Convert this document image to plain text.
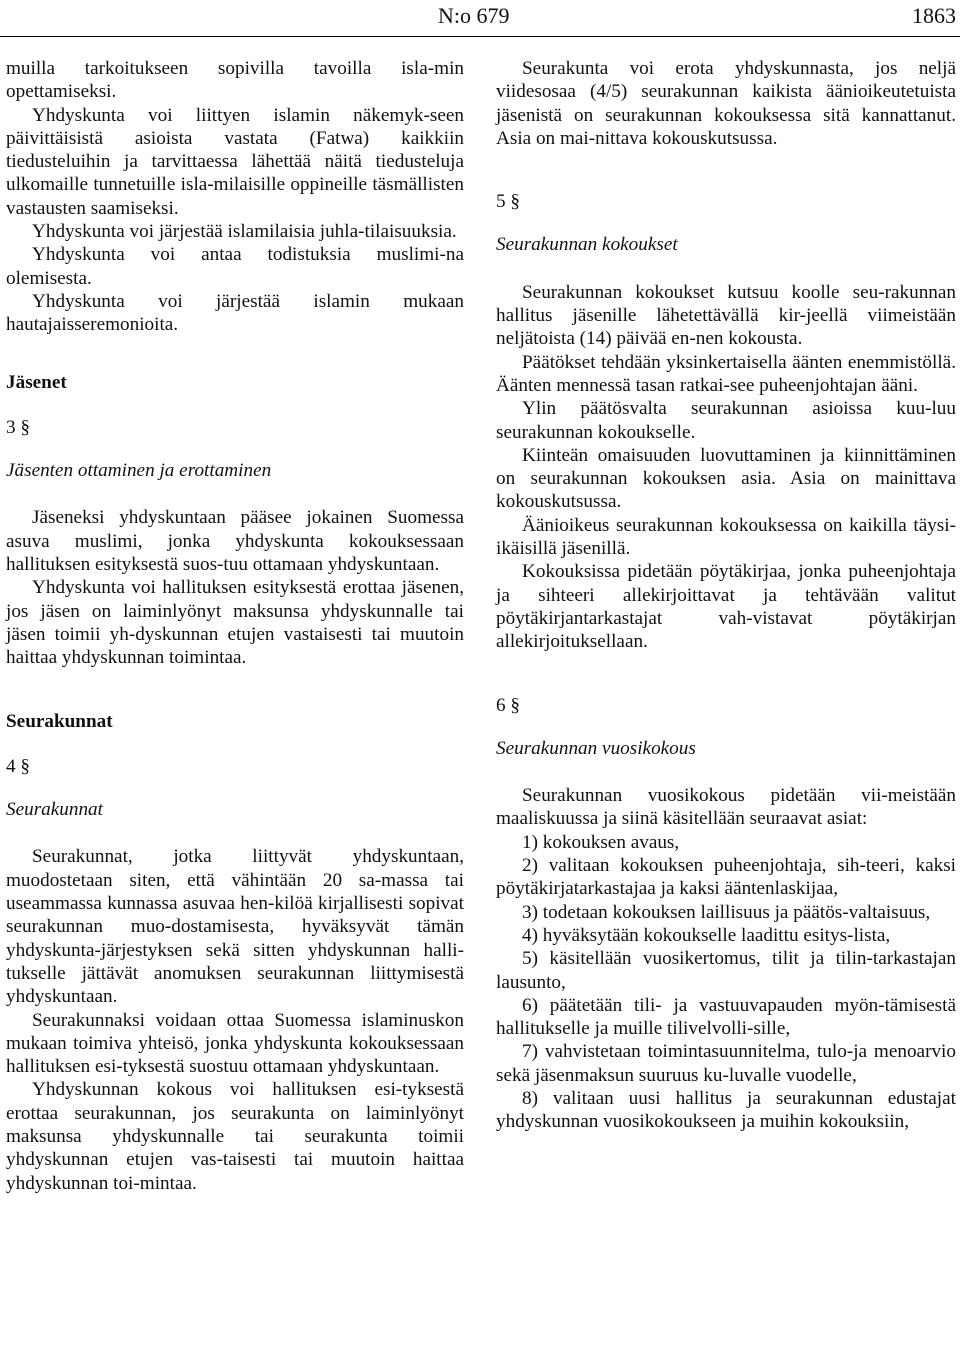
N:o 679	1863

muilla tarkoitukseen sopivilla tavoilla isla-min opettamiseksi.

Yhdyskunta voi liittyen islamin näkemyk-seen päivittäisistä asioista vastata (Fatwa) kaikkiin tiedusteluihin ja tarvittaessa lähettää näitä tiedusteluja ulkomaille tunnetuille isla-milaisille oppineille täsmällisten vastausten saamiseksi.

Yhdyskunta voi järjestää islamilaisia juhla-tilaisuuksia.

Yhdyskunta voi antaa todistuksia muslimi-na olemisesta.

Yhdyskunta voi järjestää islamin mukaan hautajaisseremonioita.

Jäsenet

3 §

Jäsenten ottaminen ja erottaminen

Jäseneksi yhdyskuntaan pääsee jokainen Suomessa asuva muslimi, jonka yhdyskunta kokouksessaan hallituksen esityksestä suos-tuu ottamaan yhdyskuntaan.

Yhdyskunta voi hallituksen esityksestä erottaa jäsenen, jos jäsen on laiminlyönyt maksunsa yhdyskunnalle tai jäsen toimii yh-dyskunnan etujen vastaisesti tai muutoin haittaa yhdyskunnan toimintaa.

Seurakunnat

4 §

Seurakunnat

Seurakunnat, jotka liittyvät yhdyskuntaan, muodostetaan siten, että vähintään 20 sa-massa tai useammassa kunnassa asuvaa hen-kilöä kirjallisesti sopivat seurakunnan muo-dostamisesta, hyväksyvät tämän yhdyskunta-järjestyksen sekä sitten yhdyskunnan halli-tukselle jättävät anomuksen seurakunnan liittymisestä yhdyskuntaan.

Seurakunnaksi voidaan ottaa Suomessa islaminuskon mukaan toimiva yhteisö, jonka yhdyskunta kokouksessaan hallituksen esi-tyksestä suostuu ottamaan yhdyskuntaan.

Yhdyskunnan kokous voi hallituksen esi-tyksestä erottaa seurakunnan, jos seurakunta on laiminlyönyt maksunsa yhdyskunnalle tai seurakunta toimii yhdyskunnan etujen vas-taisesti tai muutoin haittaa yhdyskunnan toi-mintaa.

Seurakunta voi erota yhdyskunnasta, jos neljä viidesosaa (4/5) seurakunnan kaikista äänioikeutetuista jäsenistä on seurakunnan kokouksessa sitä kannattanut. Asia on mai-nittava kokouskutsussa.

5 §

Seurakunnan kokoukset

Seurakunnan kokoukset kutsuu koolle seu-rakunnan hallitus jäsenille lähetettävällä kir-jeellä viimeistään neljätoista (14) päivää en-nen kokousta.

Päätökset tehdään yksinkertaisella äänten enemmistöllä. Äänten mennessä tasan ratkai-see puheenjohtajan ääni.

Ylin päätösvalta seurakunnan asioissa kuu-luu seurakunnan kokoukselle.

Kiinteän omaisuuden luovuttaminen ja kiinnittäminen on seurakunnan kokouksen asia. Asia on mainittava kokouskutsussa.

Äänioikeus seurakunnan kokouksessa on kaikilla täysi-ikäisillä jäsenillä.

Kokouksissa pidetään pöytäkirjaa, jonka puheenjohtaja ja sihteeri allekirjoittavat ja tehtävään valitut pöytäkirjantarkastajat vah-vistavat pöytäkirjan allekirjoituksellaan.

6 §

Seurakunnan vuosikokous

Seurakunnan vuosikokous pidetään vii-meistään maaliskuussa ja siinä käsitellään seuraavat asiat:

1) kokouksen avaus,

2) valitaan kokouksen puheenjohtaja, sih-teeri, kaksi pöytäkirjatarkastajaa ja kaksi ääntenlaskijaa,

3) todetaan kokouksen laillisuus ja päätös-valtaisuus,

4) hyväksytään kokoukselle laadittu esitys-lista,

5) käsitellään vuosikertomus, tilit ja tilin-tarkastajan lausunto,

6) päätetään tili- ja vastuuvapauden myön-tämisestä hallitukselle ja muille tilivelvolli-sille,

7) vahvistetaan toimintasuunnitelma, tulo-ja menoarvio sekä jäsenmaksun suuruus ku-luvalle vuodelle,

8) valitaan uusi hallitus ja seurakunnan edustajat yhdyskunnan vuosikokoukseen ja muihin kokouksiin,
